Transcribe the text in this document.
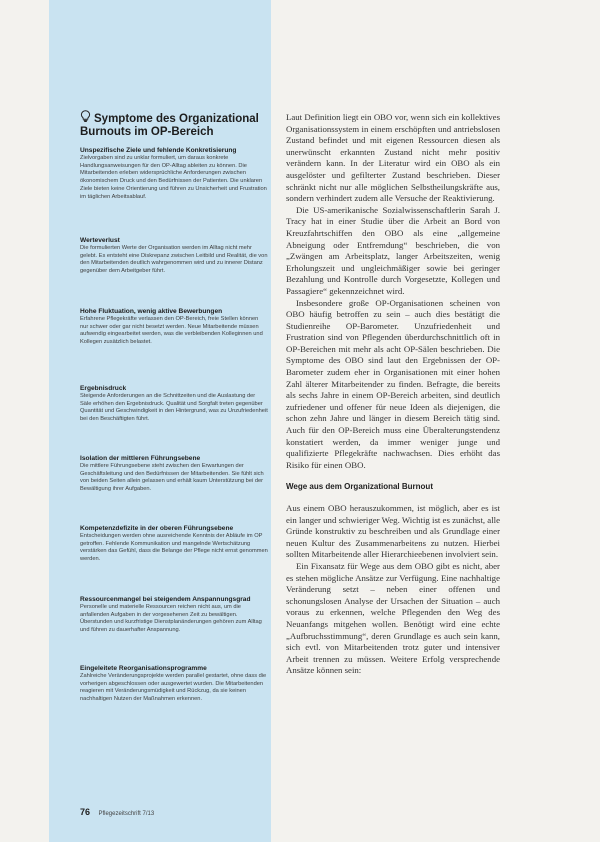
Symptome des Organizational Burnouts im OP-Bereich
Unspezifische Ziele und fehlende Konkretisierung
Zielvorgaben sind zu unklar formuliert, um daraus konkrete Handlungsanweisungen für den OP-Alltag ableiten zu können. Die Mitarbeitenden erleben widersprüchliche Anforderungen zwischen ökonomischem Druck und den Bedürfnissen der Patienten. Die unklaren Ziele bieten keine Orientierung und führen zu Unsicherheit und Frustration im täglichen Arbeitsablauf.
Werteverlust
Die formulierten Werte der Organisation werden im Alltag nicht mehr gelebt. Es entsteht eine Diskrepanz zwischen Leitbild und Realität, die von den Mitarbeitenden deutlich wahrgenommen wird und zu innerer Distanz gegenüber dem Arbeitgeber führt.
Hohe Fluktuation, wenig aktive Bewerbungen
Erfahrene Pflegekräfte verlassen den OP-Bereich, freie Stellen können nur schwer oder gar nicht besetzt werden. Neue Mitarbeitende müssen aufwendig eingearbeitet werden, was die verbleibenden Kolleginnen und Kollegen zusätzlich belastet.
Ergebnisdruck
Steigende Anforderungen an die Schnittzeiten und die Auslastung der Säle erhöhen den Ergebnisdruck. Qualität und Sorgfalt treten gegenüber Quantität und Geschwindigkeit in den Hintergrund, was zu Unzufriedenheit bei den Beschäftigten führt.
Isolation der mittleren Führungsebene
Die mittlere Führungsebene steht zwischen den Erwartungen der Geschäftsleitung und den Bedürfnissen der Mitarbeitenden. Sie fühlt sich von beiden Seiten allein gelassen und erhält kaum Unterstützung bei der Bewältigung ihrer Aufgaben.
Kompetenzdefizite in der oberen Führungsebene
Entscheidungen werden ohne ausreichende Kenntnis der Abläufe im OP getroffen. Fehlende Kommunikation und mangelnde Wertschätzung verstärken das Gefühl, dass die Belange der Pflege nicht ernst genommen werden.
Ressourcenmangel bei steigendem Anspannungsgrad
Personelle und materielle Ressourcen reichen nicht aus, um die anfallenden Aufgaben in der vorgesehenen Zeit zu bewältigen. Überstunden und kurzfristige Dienstplanänderungen gehören zum Alltag und führen zu dauerhafter Anspannung.
Eingeleitete Reorganisationsprogramme
Zahlreiche Veränderungsprojekte werden parallel gestartet, ohne dass die vorherigen abgeschlossen oder ausgewertet wurden. Die Mitarbeitenden reagieren mit Veränderungsmüdigkeit und Rückzug, da sie keinen nachhaltigen Nutzen der Maßnahmen erkennen.

Laut Definition liegt ein OBO vor, wenn sich ein kollektives Organisationssystem in einem erschöpften und antriebslosen Zustand befindet und mit eigenen Ressourcen diesen als unerwünscht erkannten Zustand nicht mehr positiv verändern kann. In der Literatur wird ein OBO als ein ausgelöster und gefilterter Zustand beschrieben. Dieser schränkt nicht nur alle möglichen Selbstheilungskräfte aus, sondern verhindert zudem alle Versuche der Reaktivierung.

Die US-amerikanische Sozialwissenschaftlerin Sarah J. Tracy hat in einer Studie über die Arbeit an Bord von Kreuzfahrtschiffen den OBO als eine „allgemeine Abneigung oder Entfremdung“ beschrieben, die von „Zwängen am Arbeitsplatz, langer Arbeitszeiten, wenig Erholungszeit und ungleichmäßiger sowie bei geringer Bezahlung und Kontrolle durch Vorgesetzte, Kollegen und Passagiere“ gekennzeichnet wird.

Insbesondere große OP-Organisationen scheinen von OBO häufig betroffen zu sein – auch dies bestätigt die Studienreihe OP-Barometer. Unzufriedenheit und Frustration sind von Pflegenden überdurchschnittlich oft in OP-Bereichen mit mehr als acht OP-Sälen beschrieben. Die Symptome des OBO sind laut den Ergebnissen der OP-Barometer zudem eher in Organisationen mit einer hohen Zahl älterer Mitarbeitender zu finden. Befragte, die bereits als sechs Jahre in einem OP-Bereich arbeiten, sind deutlich zufriedener und offener für neue Ideen als diejenigen, die schon zehn Jahre und länger in diesem Bereich tätig sind. Auch für den OP-Bereich muss eine Überalterungstendenz konstatiert werden, da immer weniger junge und qualifizierte Pflegekräfte nachwachsen. Dies erhöht das Risiko für einen OBO.

Wege aus dem Organizational Burnout

Aus einem OBO herauszukommen, ist möglich, aber es ist ein langer und schwieriger Weg. Wichtig ist es zunächst, alle Gründe konstruktiv zu beschreiben und als Grundlage einer neuen Kultur des Zusammenarbeitens zu nutzen. Hierbei sollten Mitarbeitende aller Hierarchieebenen involviert sein.

Ein Fixansatz für Wege aus dem OBO gibt es nicht, aber es stehen mögliche Ansätze zur Verfügung. Eine nachhaltige Veränderung setzt – neben einer offenen und schonungslosen Analyse der Ursachen der Situation – auch voraus zu erkennen, welche Pflegenden den Weg des Neuanfangs mitgehen wollen. Benötigt wird eine echte „Aufbruchsstimmung“, deren Grundlage es auch sein kann, sich evtl. von Mitarbeitenden trotz guter und intensiver Arbeit trennen zu müssen. Weitere Erfolg versprechende Ansätze können sein:

76 Pflegezeitschrift 7/13
